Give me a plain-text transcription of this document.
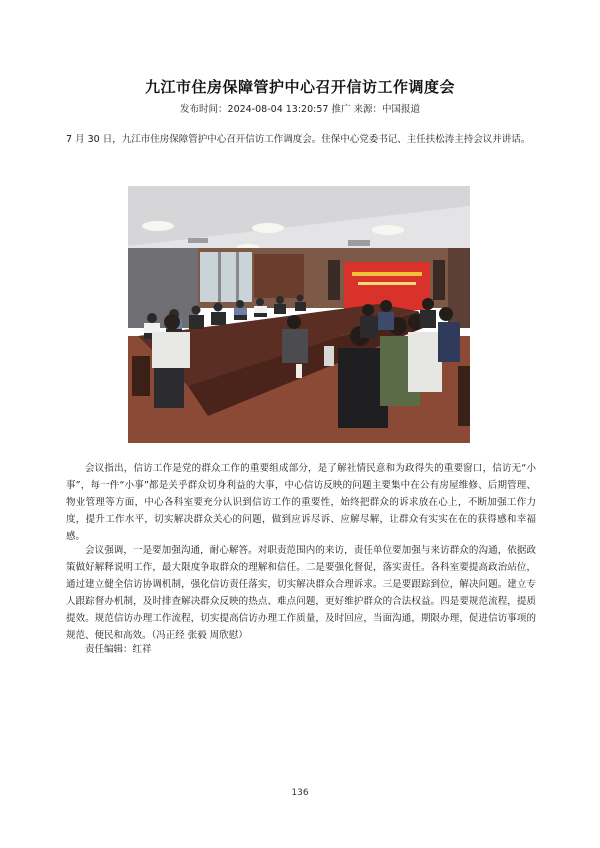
九江市住房保障管护中心召开信访工作调度会
发布时间：2024-08-04 13:20:57 推广 来源：中国报道
7 月 30 日，九江市住房保障管护中心召开信访工作调度会。住保中心党委书记、主任扶松涛主持会议并讲话。
会议指出，信访工作是党的群众工作的重要组成部分，是了解社情民意和为政得失的重要窗口，信访无“小事”，每一件“小事”都是关乎群众切身利益的大事，中心信访反映的问题主要集中在公有房屋维修、后期管理、物业管理等方面，中心各科室要充分认识到信访工作的重要性，始终把群众的诉求放在心上，不断加强工作力度，提升工作水平，切实解决群众关心的问题，做到应诉尽诉、应解尽解，让群众有实实在在的获得感和幸福感。
会议强调，一是要加强沟通，耐心解答。对职责范围内的来访，责任单位要加强与来访群众的沟通，依据政策做好解释说明工作，最大限度争取群众的理解和信任。二是要强化督促，落实责任。各科室要提高政治站位，通过建立健全信访协调机制，强化信访责任落实，切实解决群众合理诉求。三是要跟踪到位，解决问题。建立专人跟踪督办机制，及时排查解决群众反映的热点、难点问题，更好维护群众的合法权益。四是要规范流程，提质提效。规范信访办理工作流程，切实提高信访办理工作质量，及时回应，当面沟通，期限办理，促进信访事项的规范、便民和高效。（冯正经 张毅 周欣慰）
责任编辑：红祥
136
